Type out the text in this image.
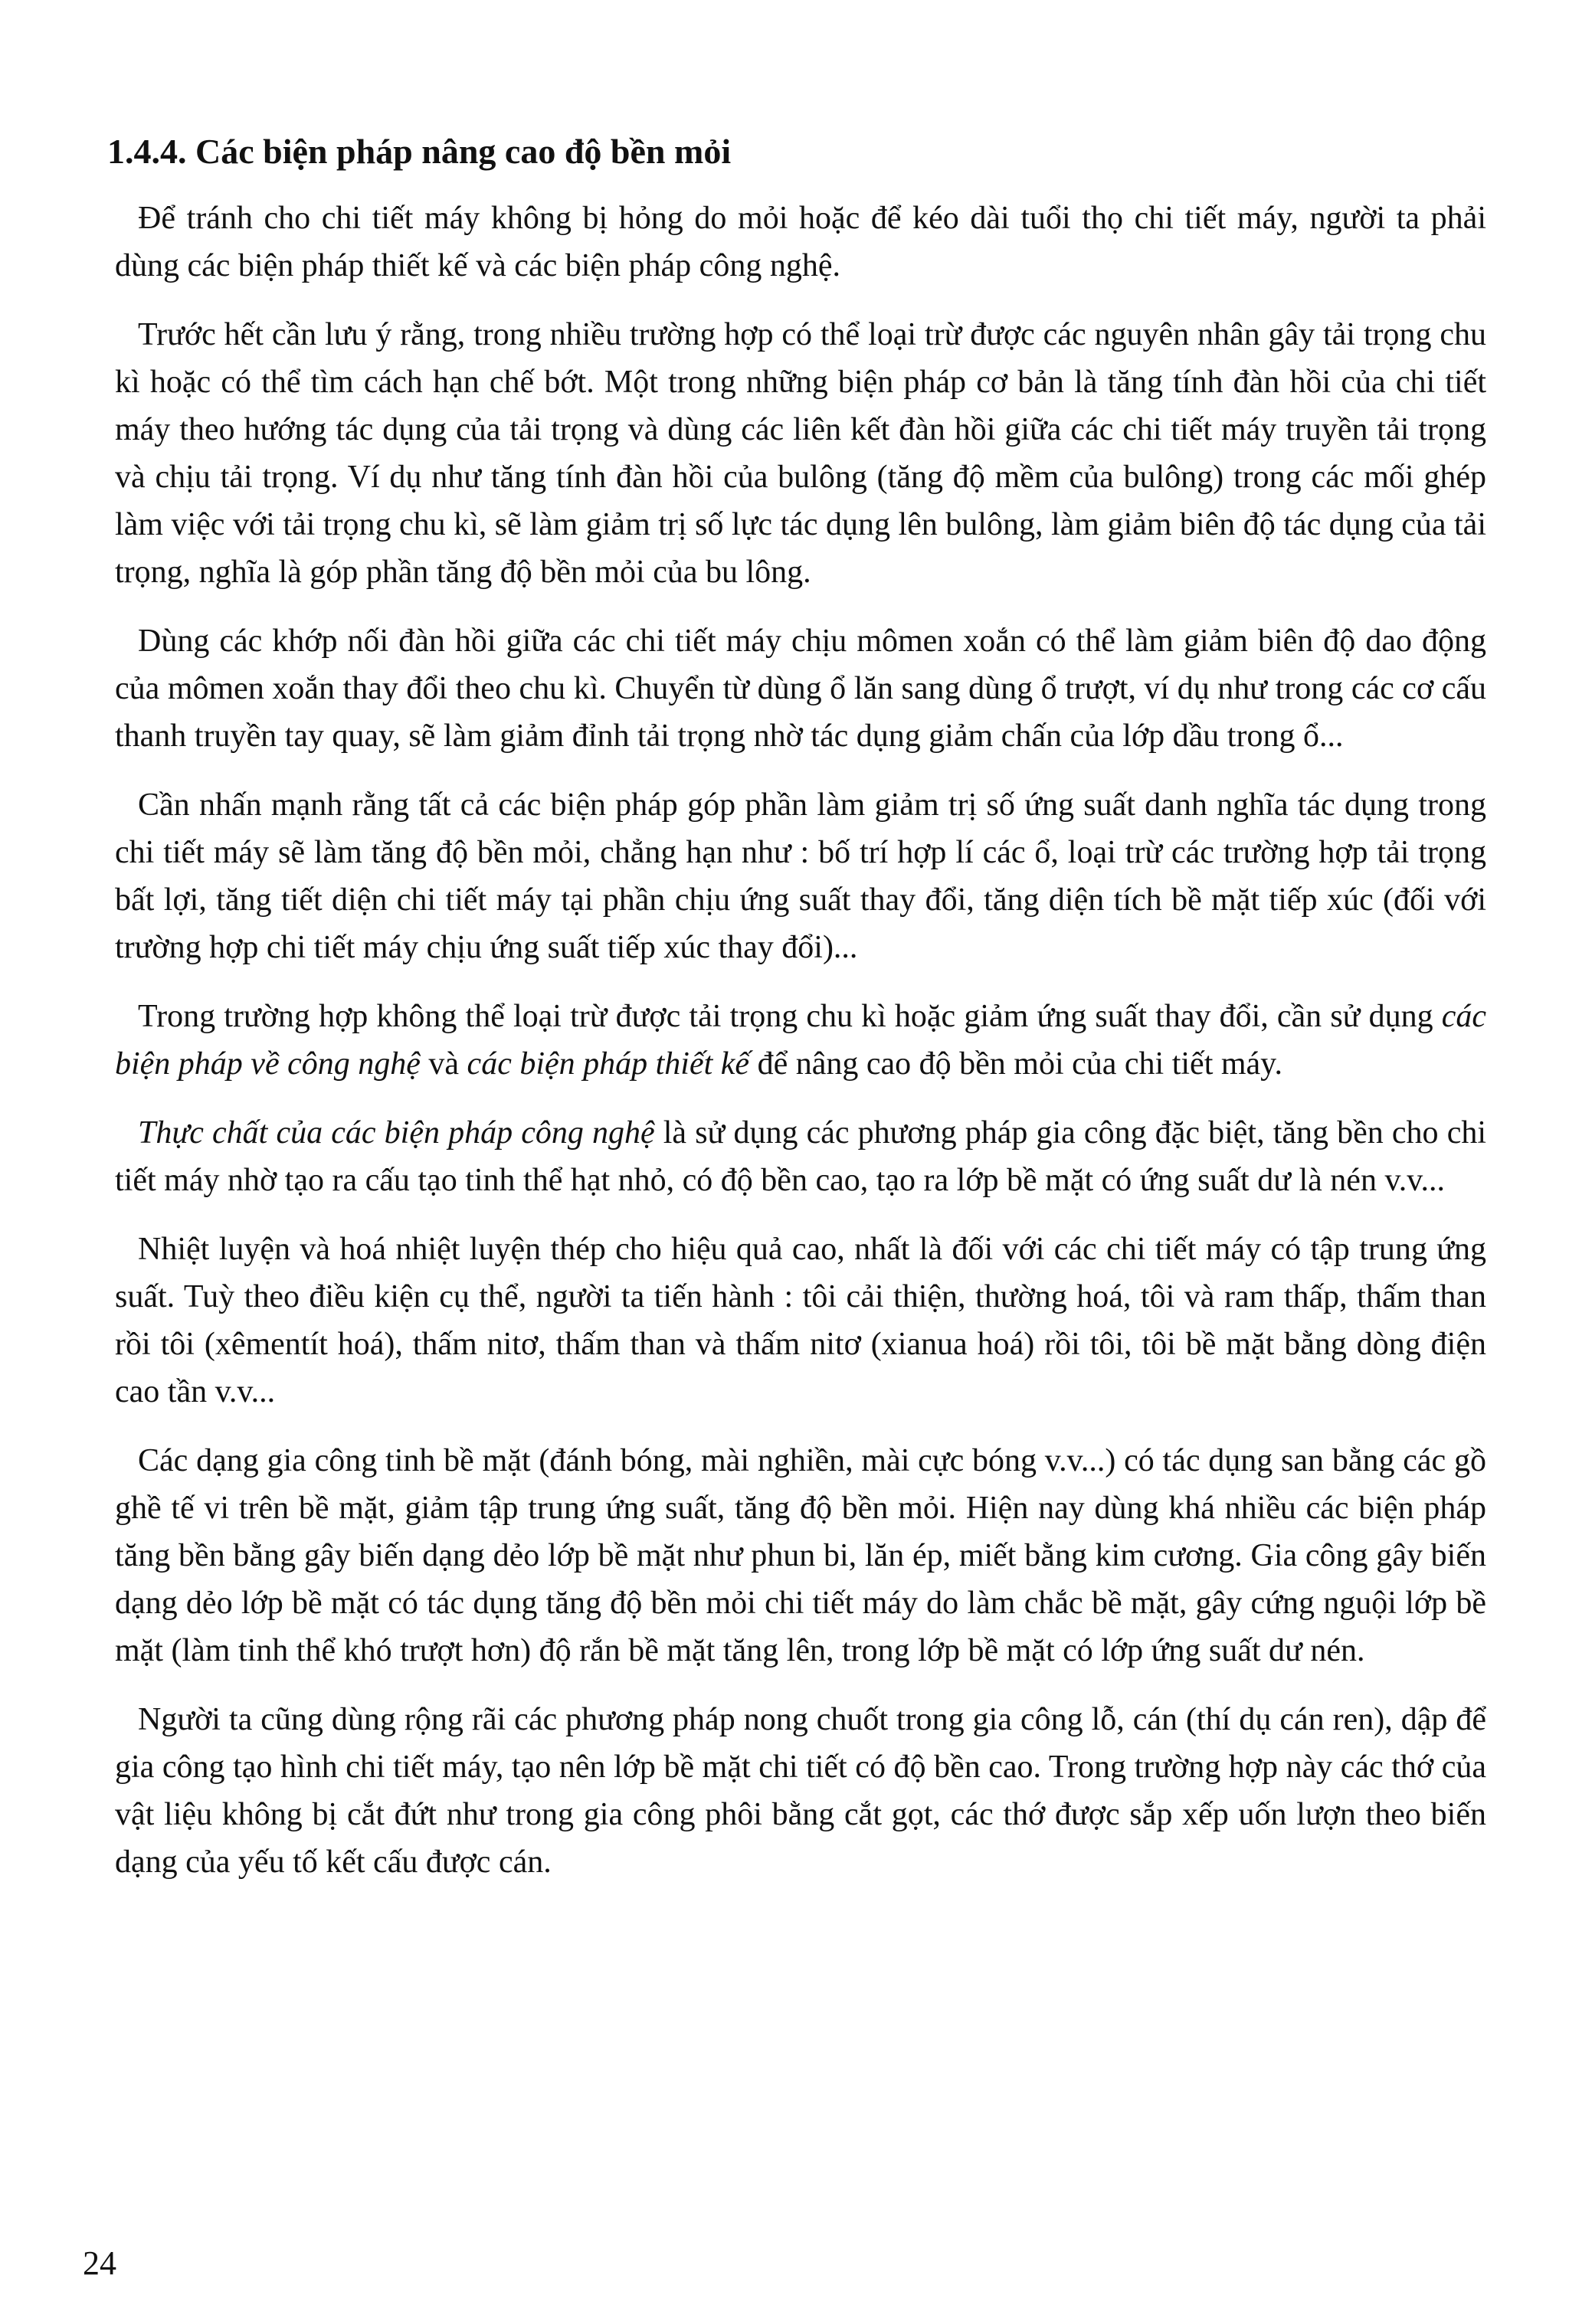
1.4.4. Các biện pháp nâng cao độ bền mỏi

Để tránh cho chi tiết máy không bị hỏng do mỏi hoặc để kéo dài tuổi thọ chi tiết máy, người ta phải dùng các biện pháp thiết kế và các biện pháp công nghệ.

Trước hết cần lưu ý rằng, trong nhiều trường hợp có thể loại trừ được các nguyên nhân gây tải trọng chu kì hoặc có thể tìm cách hạn chế bớt. Một trong những biện pháp cơ bản là tăng tính đàn hồi của chi tiết máy theo hướng tác dụng của tải trọng và dùng các liên kết đàn hồi giữa các chi tiết máy truyền tải trọng và chịu tải trọng. Ví dụ như tăng tính đàn hồi của bulông (tăng độ mềm của bulông) trong các mối ghép làm việc với tải trọng chu kì, sẽ làm giảm trị số lực tác dụng lên bulông, làm giảm biên độ tác dụng của tải trọng, nghĩa là góp phần tăng độ bền mỏi của bu lông.

Dùng các khớp nối đàn hồi giữa các chi tiết máy chịu mômen xoắn có thể làm giảm biên độ dao động của mômen xoắn thay đổi theo chu kì. Chuyển từ dùng ổ lăn sang dùng ổ trượt, ví dụ như trong các cơ cấu thanh truyền tay quay, sẽ làm giảm đỉnh tải trọng nhờ tác dụng giảm chấn của lớp dầu trong ổ...

Cần nhấn mạnh rằng tất cả các biện pháp góp phần làm giảm trị số ứng suất danh nghĩa tác dụng trong chi tiết máy sẽ làm tăng độ bền mỏi, chẳng hạn như : bố trí hợp lí các ổ, loại trừ các trường hợp tải trọng bất lợi, tăng tiết diện chi tiết máy tại phần chịu ứng suất thay đổi, tăng diện tích bề mặt tiếp xúc (đối với trường hợp chi tiết máy chịu ứng suất tiếp xúc thay đổi)...

Trong trường hợp không thể loại trừ được tải trọng chu kì hoặc giảm ứng suất thay đổi, cần sử dụng các biện pháp về công nghệ và các biện pháp thiết kế để nâng cao độ bền mỏi của chi tiết máy.

Thực chất của các biện pháp công nghệ là sử dụng các phương pháp gia công đặc biệt, tăng bền cho chi tiết máy nhờ tạo ra cấu tạo tinh thể hạt nhỏ, có độ bền cao, tạo ra lớp bề mặt có ứng suất dư là nén v.v...

Nhiệt luyện và hoá nhiệt luyện thép cho hiệu quả cao, nhất là đối với các chi tiết máy có tập trung ứng suất. Tuỳ theo điều kiện cụ thể, người ta tiến hành : tôi cải thiện, thường hoá, tôi và ram thấp, thấm than rồi tôi (xêmentít hoá), thấm nitơ, thấm than và thấm nitơ (xianua hoá) rồi tôi, tôi bề mặt bằng dòng điện cao tần v.v...

Các dạng gia công tinh bề mặt (đánh bóng, mài nghiền, mài cực bóng v.v...) có tác dụng san bằng các gồ ghề tế vi trên bề mặt, giảm tập trung ứng suất, tăng độ bền mỏi. Hiện nay dùng khá nhiều các biện pháp tăng bền bằng gây biến dạng dẻo lớp bề mặt như phun bi, lăn ép, miết bằng kim cương. Gia công gây biến dạng dẻo lớp bề mặt có tác dụng tăng độ bền mỏi chi tiết máy do làm chắc bề mặt, gây cứng nguội lớp bề mặt (làm tinh thể khó trượt hơn) độ rắn bề mặt tăng lên, trong lớp bề mặt có lớp ứng suất dư nén.

Người ta cũng dùng rộng rãi các phương pháp nong chuốt trong gia công lỗ, cán (thí dụ cán ren), dập để gia công tạo hình chi tiết máy, tạo nên lớp bề mặt chi tiết có độ bền cao. Trong trường hợp này các thớ của vật liệu không bị cắt đứt như trong gia công phôi bằng cắt gọt, các thớ được sắp xếp uốn lượn theo biến dạng của yếu tố kết cấu được cán.

24
